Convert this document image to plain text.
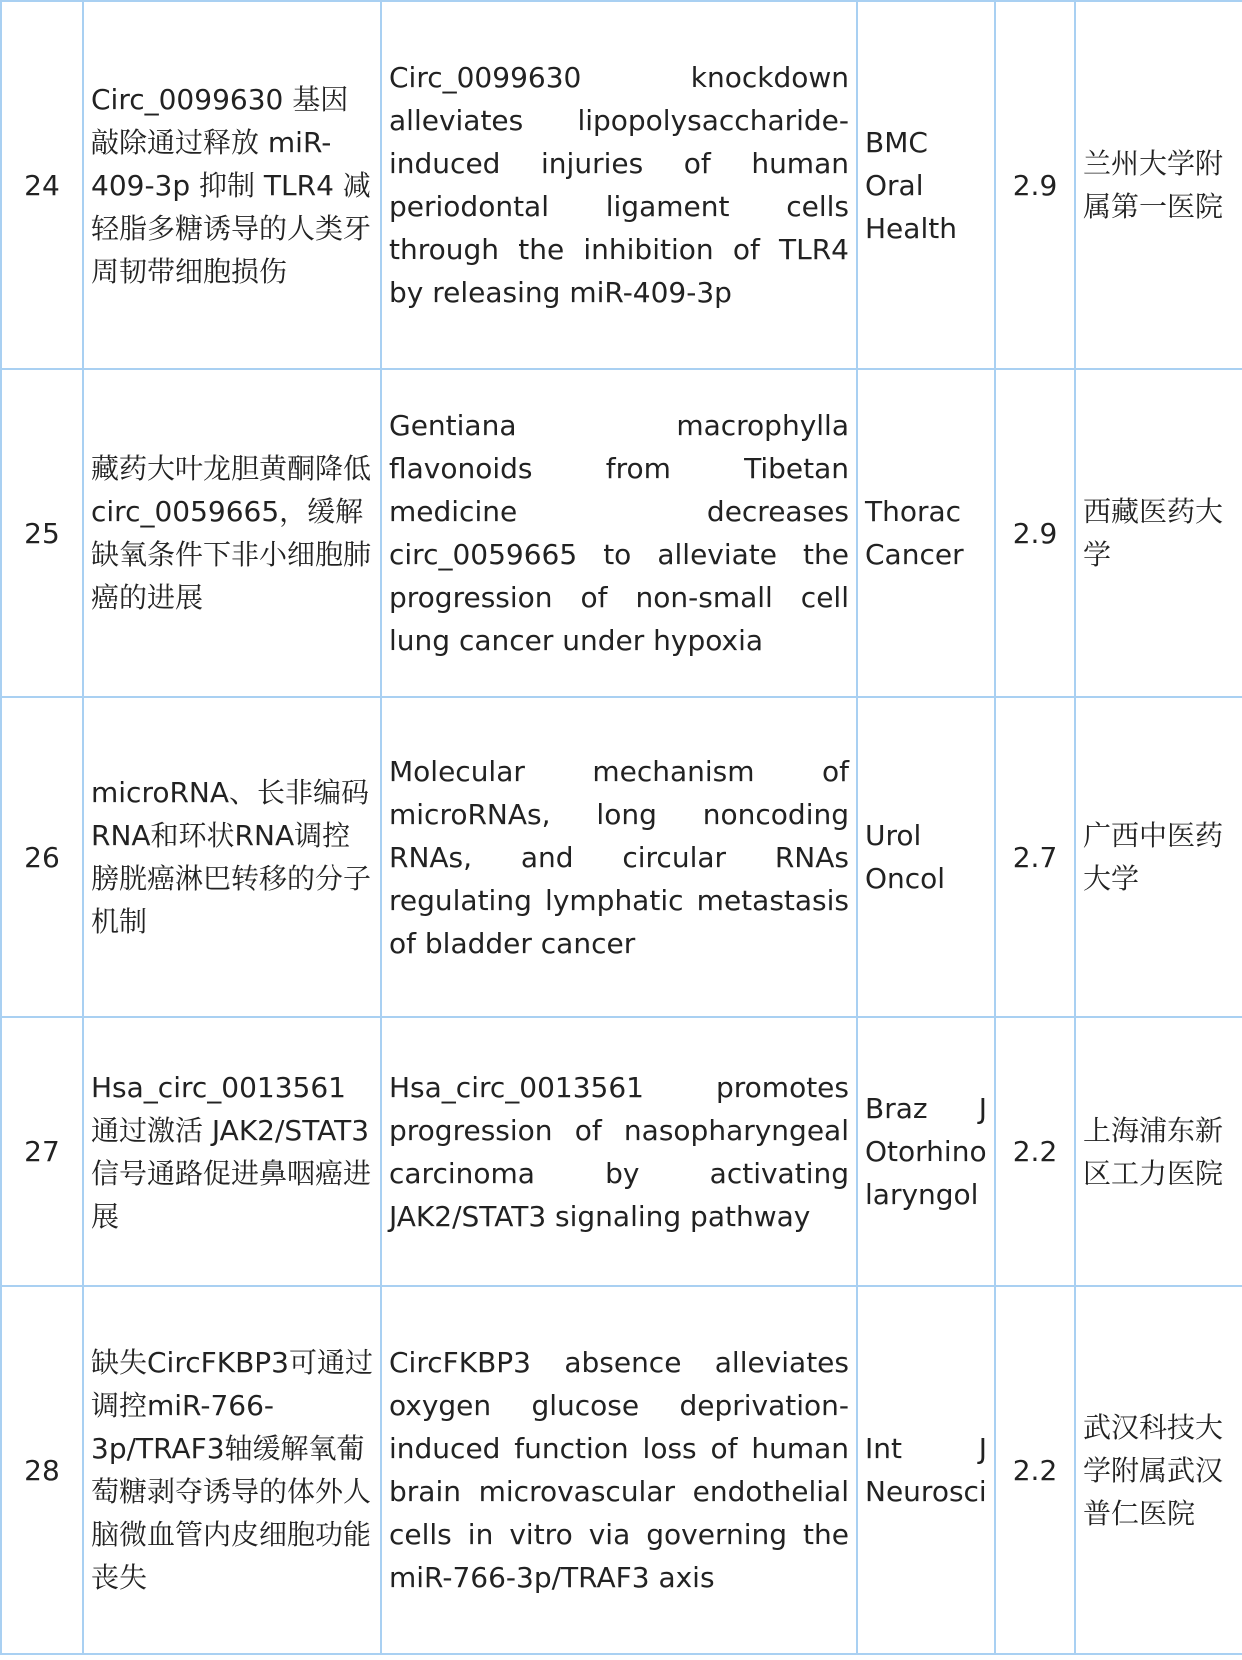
24	Circ_0099630 基因敲除通过释放 miR-409-3p 抑制 TLR4 减轻脂多糖诱导的人类牙周韧带细胞损伤	Circ_0099630 knockdown alleviates lipopolysaccharide-induced injuries of human periodontal ligament cells through the inhibition of TLR4 by releasing miR-409-3p	BMC Oral Health	2.9	兰州大学附属第一医院
25	藏药大叶龙胆黄酮降低circ_0059665，缓解缺氧条件下非小细胞肺癌的进展	Gentiana macrophylla flavonoids from Tibetan medicine decreases circ_0059665 to alleviate the progression of non-small cell lung cancer under hypoxia	Thorac Cancer	2.9	西藏医药大学
26	microRNA、长非编码RNA和环状RNA调控膀胱癌淋巴转移的分子机制	Molecular mechanism of microRNAs, long noncoding RNAs, and circular RNAs regulating lymphatic metastasis of bladder cancer	Urol Oncol	2.7	广西中医药大学
27	Hsa_circ_0013561 通过激活 JAK2/STAT3信号通路促进鼻咽癌进展	Hsa_circ_0013561 promotes progression of nasopharyngeal carcinoma by activating JAK2/STAT3 signaling pathway	Braz J Otorhinolaryngol	2.2	上海浦东新区工力医院
28	缺失CircFKBP3可通过调控miR-766-3p/TRAF3轴缓解氧葡萄糖剥夺诱导的体外人脑微血管内皮细胞功能丧失	CircFKBP3 absence alleviates oxygen glucose deprivation-induced function loss of human brain microvascular endothelial cells in vitro via governing the miR-766-3p/TRAF3 axis	Int J Neurosci	2.2	武汉科技大学附属武汉普仁医院
